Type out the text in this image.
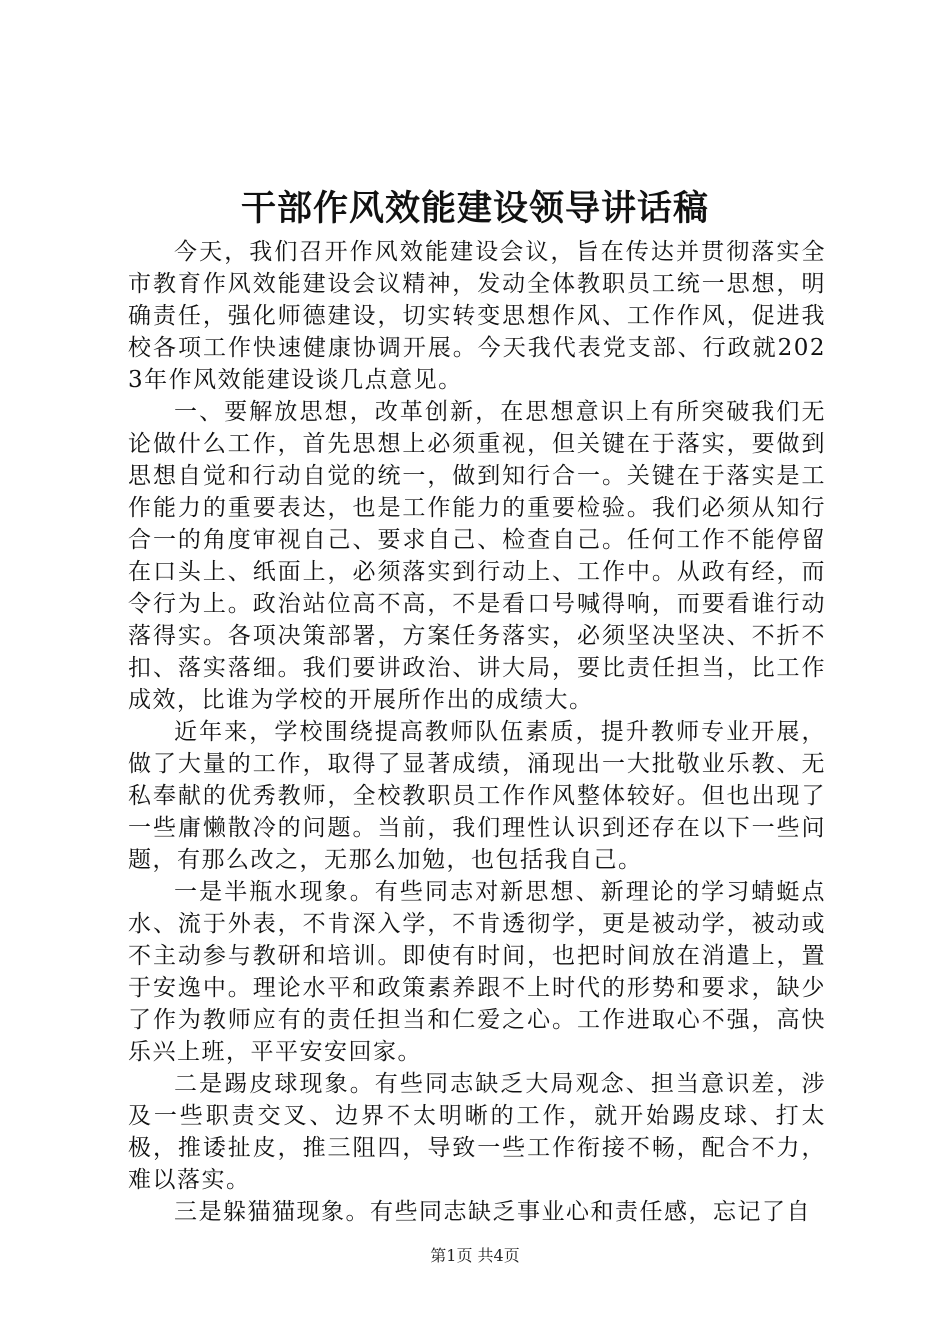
干部作风效能建设领导讲话稿

今天，我们召开作风效能建设会议，旨在传达并贯彻落实全市教育作风效能建设会议精神，发动全体教职员工统一思想，明确责任，强化师德建设，切实转变思想作风、工作作风，促进我校各项工作快速健康协调开展。今天我代表党支部、行政就2023年作风效能建设谈几点意见。

一、要解放思想，改革创新，在思想意识上有所突破我们无论做什么工作，首先思想上必须重视，但关键在于落实，要做到思想自觉和行动自觉的统一，做到知行合一。关键在于落实是工作能力的重要表达，也是工作能力的重要检验。我们必须从知行合一的角度审视自己、要求自己、检查自己。任何工作不能停留在口头上、纸面上，必须落实到行动上、工作中。从政有经，而令行为上。政治站位高不高，不是看口号喊得响，而要看谁行动落得实。各项决策部署，方案任务落实，必须坚决坚决、不折不扣、落实落细。我们要讲政治、讲大局，要比责任担当，比工作成效，比谁为学校的开展所作出的成绩大。

近年来，学校围绕提高教师队伍素质，提升教师专业开展，做了大量的工作，取得了显著成绩，涌现出一大批敬业乐教、无私奉献的优秀教师，全校教职员工作作风整体较好。但也出现了一些庸懒散冷的问题。当前，我们理性认识到还存在以下一些问题，有那么改之，无那么加勉，也包括我自己。

一是半瓶水现象。有些同志对新思想、新理论的学习蜻蜓点水、流于外表，不肯深入学，不肯透彻学，更是被动学，被动或不主动参与教研和培训。即使有时间，也把时间放在消遣上，置于安逸中。理论水平和政策素养跟不上时代的形势和要求，缺少了作为教师应有的责任担当和仁爱之心。工作进取心不强，高快乐兴上班，平平安安回家。

二是踢皮球现象。有些同志缺乏大局观念、担当意识差，涉及一些职责交叉、边界不太明晰的工作，就开始踢皮球、打太极，推诿扯皮，推三阻四，导致一些工作衔接不畅，配合不力，难以落实。

三是躲猫猫现象。有些同志缺乏事业心和责任感，忘记了自

第1页 共4页
